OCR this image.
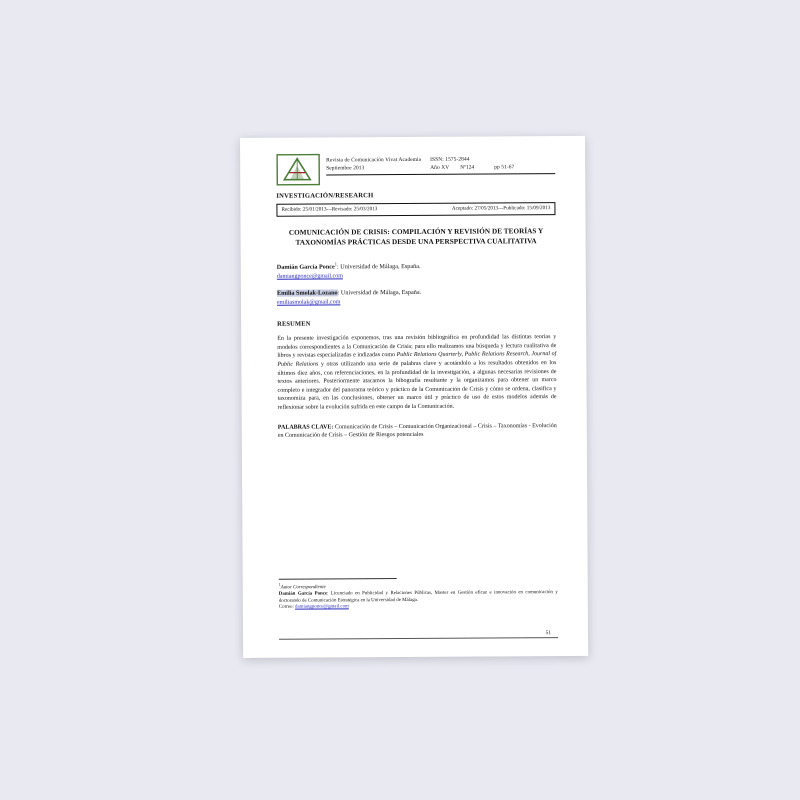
Revista de Comunicación Vivat Academia	ISSN: 1575-2844
Septiembre 2013	Año XV	Nº124	pp 51-67
INVESTIGACIÓN/RESEARCH
Recibido: 25/01/2013---Revisado: 25/03/2013	Aceptado: 27/05/2013---Publicado: 15/09/2013
COMUNICACIÓN DE CRISIS: COMPILACIÓN Y REVISIÓN DE TEORÍAS Y TAXONOMÍAS PRÁCTICAS DESDE UNA PERSPECTIVA CUALITATIVA
Damián García Ponce$^1$: Universidad de Málaga, España.
damiangponce@gmail.com
Emilia Smolak-Lozano: Universidad de Málaga, España.
emiliasmolak@gmail.com
RESUMEN
En la presente investigación exponemos, tras una revisión bibliográfica en profundidad las distintas teorías y modelos correspondientes a la Comunicación de Crisis; para ello realizamos una búsqueda y lectura cualitativa de libros y revistas especializadas e indizadas como Public Relations Quarterly, Public Relations Research, Journal of Public Relations y otras utilizando una serie de palabras clave y acotándolo a los resultados obtenidos en los últimos diez años, con referenciaciones, en la profundidad de la investigación, a algunas necesarias revisiones de textos anteriores. Posteriormente atacamos la bibografía resultante y la organizamos para obtener un marco completo e integrador del panorama teórico y práctico de la Comunicación de Crisis y cómo se ordena, clasifica y taxonomiza para, en las conclusiones, obtener un marco útil y práctico de uso de estos modelos además de reflexionar sobre la evolución sufrida en este campo de la Comunicación.
PALABRAS CLAVE: Comunicación de Crisis – Comunicación Organizacional – Crisis – Taxonomías - Evolución en Comunicación de Crisis – Gestión de Riesgos potenciales
$^1$Autor Correspondiente
Damián García Ponce: Licenciado en Publicidad y Relaciones Públicas, Master en Gestión eficaz e innovación en comunicación y doctorando de Comunicación Estratégica en la Universidad de Málaga.
Correo: damiangponce@gmail.com
51
